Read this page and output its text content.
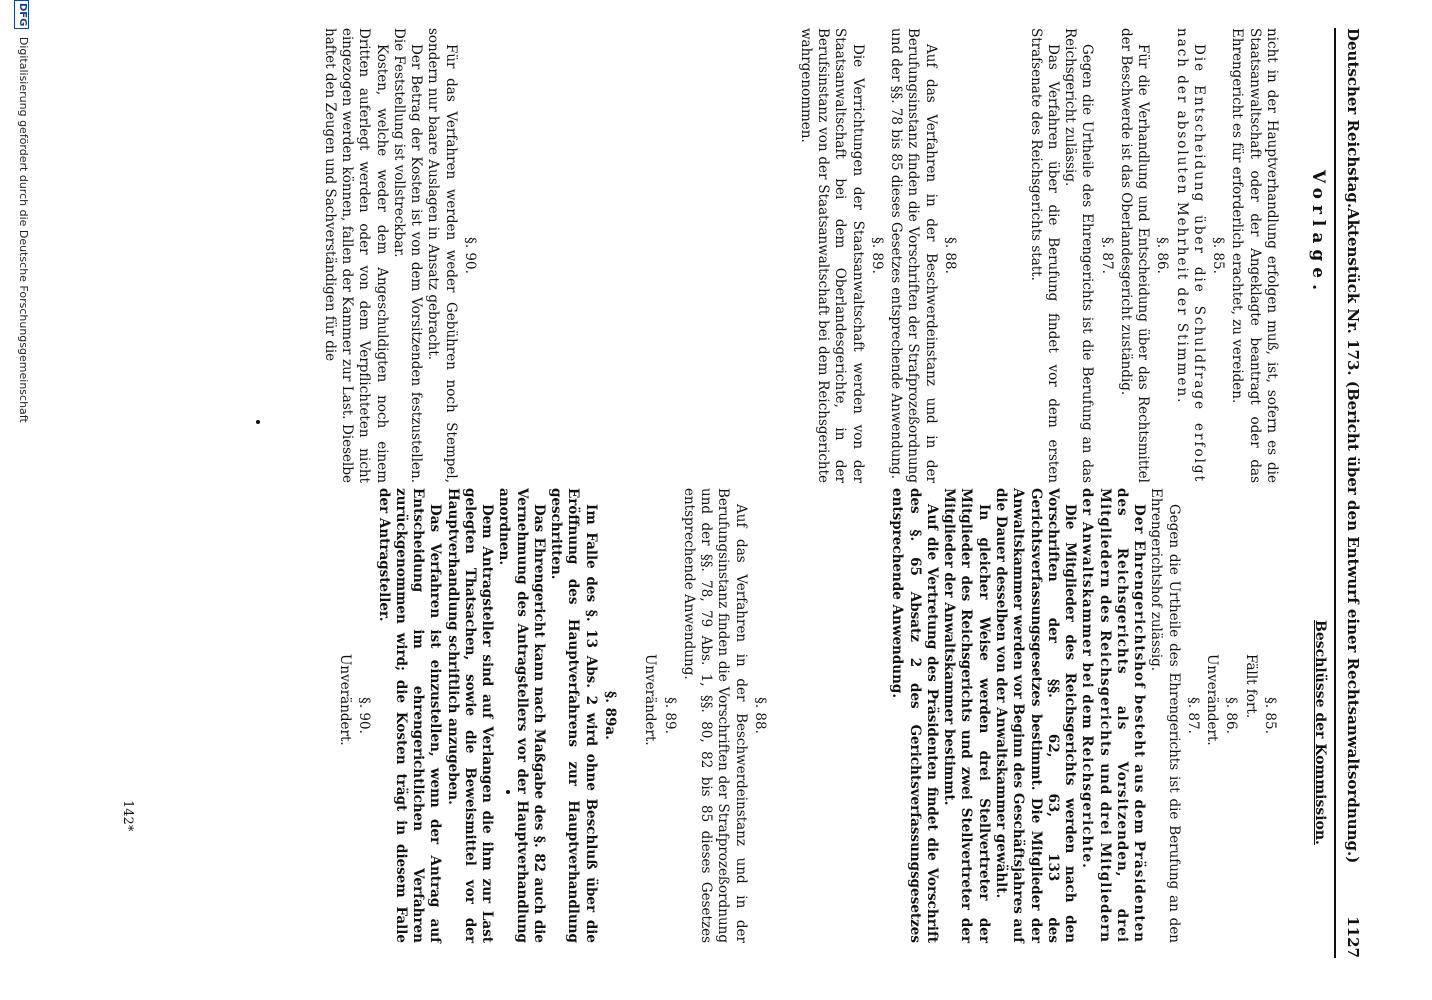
Deutscher Reichstag.
Aktenstück Nr. 173. (Bericht über den Entwurf einer Rechtsanwaltsordnung.)
1127
Vorlage.
Beschlüsse der Kommission.

nicht in der Hauptverhandlung erfolgen muß, ist, sofern es die Staatsanwaltschaft oder der Angeklagte beantragt oder das Ehrengericht es für erforderlich erachtet, zu vereiden.

§. 85.

Die Entscheidung über die Schuldfrage erfolgt nach der absoluten Mehrheit der Stimmen.

§. 86.

Für die Verhandlung und Entscheidung über das Rechtsmittel der Beschwerde ist das Oberlandesgericht zuständig.

§. 87.

Gegen die Urtheile des Ehrengerichts ist die Berufung an das Reichsgericht zulässig.

Das Verfahren über die Berufung findet vor dem ersten Strafsenate des Reichsgerichts statt.

§. 88.

Auf das Verfahren in der Beschwerdeinstanz und in der Berufungsinstanz finden die Vorschriften der Strafprozeßordnung und der §§. 78 bis 85 dieses Gesetzes entsprechende Anwendung.

§. 89.

Die Verrichtungen der Staatsanwaltschaft werden von der Staatsanwaltschaft bei dem Oberlandesgerichte, in der Berufsinstanz von der Staatsanwaltschaft bei dem Reichsgerichte wahrgenommen.

§. 90.

Für das Verfahren werden weder Gebühren noch Stempel, sondern nur baare Auslagen in Ansatz gebracht.

Der Betrag der Kosten ist von dem Vorsitzenden festzustellen. Die Feststellung ist vollstreckbar.

Kosten, welche weder dem Angeschuldigten noch einem Dritten auferlegt werden oder von dem Verpflichteten nicht eingezogen werden können, fallen der Kammer zur Last. Dieselbe haftet den Zeugen und Sachverständigen für die

§. 85.

Fällt fort.

§. 86.

Unverändert.

§. 87.

Gegen die Urtheile des Ehrengerichts ist die Berufung an den Ehrengerichtshof zulässig.

Der Ehrengerichtshof besteht aus dem Präsidenten des Reichsgerichts als Vorsitzenden, drei Mitgliedern des Reichsgerichts und drei Mitgliedern der Anwaltskammer bei dem Reichsgerichte.

Die Mitglieder des Reichsgerichts werden nach den Vorschriften der §§. 62, 63, 133 des Gerichtsverfassungsgesetzes bestimmt. Die Mitglieder der Anwaltskammer werden vor Beginn des Geschäftsjahres auf die Dauer desselben von der Anwaltskammer gewählt.

In gleicher Weise werden drei Stellvertreter der Mitglieder des Reichsgerichts und zwei Stellvertreter der Mitglieder der Anwaltskammer bestimmt.

Auf die Vertretung des Präsidenten findet die Vorschrift des §. 65 Absatz 2 des Gerichtsverfassungsgesetzes entsprechende Anwendung.

§. 88.

Auf das Verfahren in der Beschwerdeinstanz und in der Berufungsinstanz finden die Vorschriften der Strafprozeßordnung und der §§. 78, 79 Abs. 1, §§. 80, 82 bis 85 dieses Gesetzes entsprechende Anwendung.

§. 89.

Unverändert.

§. 89a.

Im Falle des §. 13 Abs. 2 wird ohne Beschluß über die Eröffnung des Hauptverfahrens zur Hauptverhandlung geschritten.

Das Ehrengericht kann nach Maßgabe des §. 82 auch die Vernehmung des Antragstellers vor der Hauptverhandlung anordnen.

Dem Antragsteller sind auf Verlangen die ihm zur Last gelegten Thatsachen, sowie die Beweismittel vor der Hauptverhandlung schriftlich anzugeben.

Das Verfahren ist einzustellen, wenn der Antrag auf Entscheidung im ehrengerichtlichen Verfahren zurückgenommen wird; die Kosten trägt in diesem Falle der Antragsteller.

§. 90.

Unverändert.

142*
DFG Digitalisierung gefördert durch die Deutsche Forschungsgemeinschaft
